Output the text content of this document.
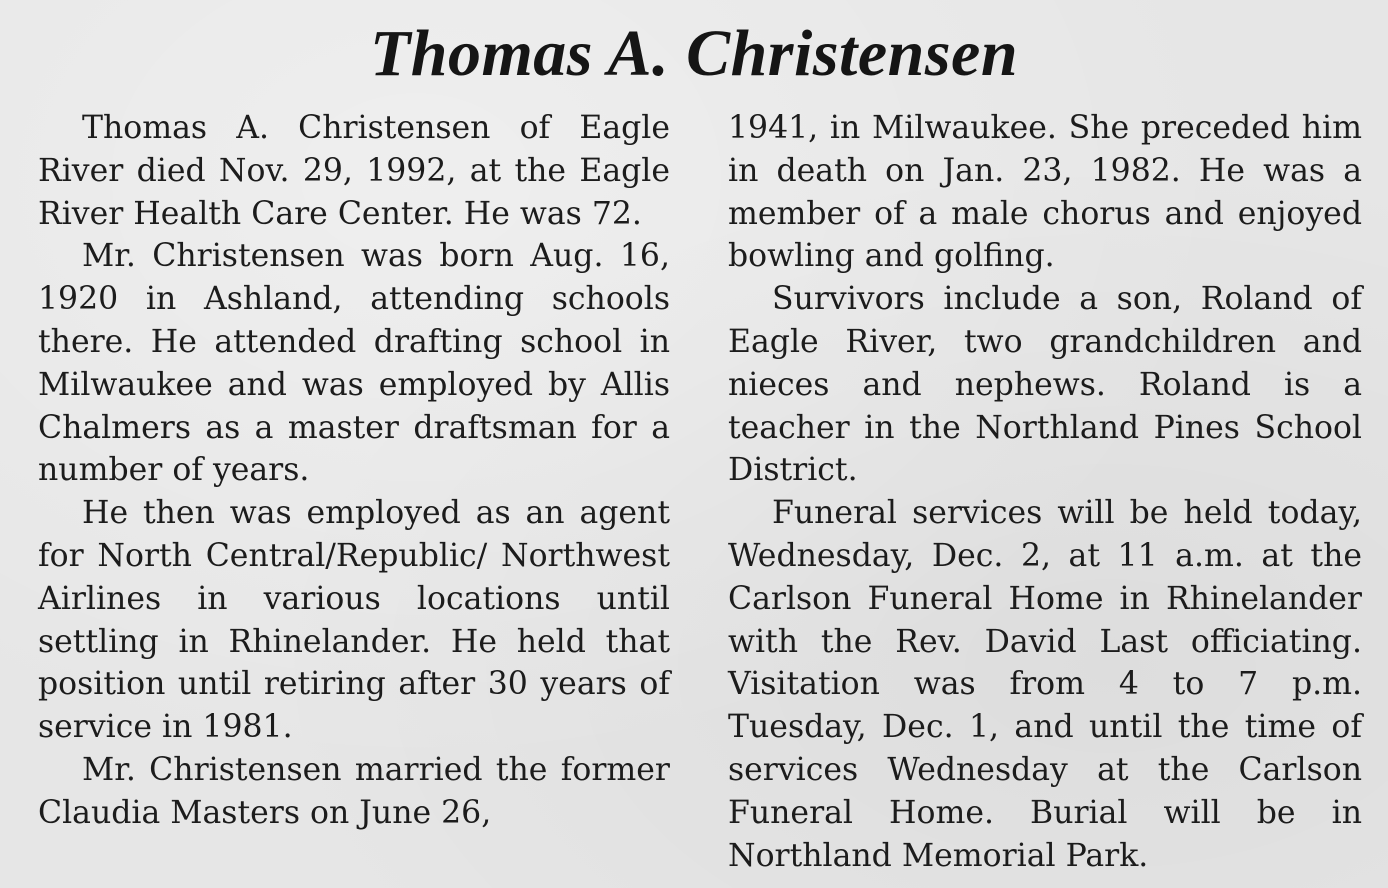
Thomas A. Christensen

Thomas A. Christensen of Eagle River died Nov. 29, 1992, at the Eagle River Health Care Center. He was 72.

Mr. Christensen was born Aug. 16, 1920 in Ashland, attending schools there. He attended drafting school in Milwaukee and was employed by Allis Chalmers as a master draftsman for a number of years.

He then was employed as an agent for North Central/Republic/ Northwest Airlines in various locations until settling in Rhinelander. He held that position until retiring after 30 years of service in 1981.

Mr. Christensen married the former Claudia Masters on June 26,

1941, in Milwaukee. She preceded him in death on Jan. 23, 1982. He was a member of a male chorus and enjoyed bowling and golfing.

Survivors include a son, Roland of Eagle River, two grandchildren and nieces and nephews. Roland is a teacher in the Northland Pines School District.

Funeral services will be held today, Wednesday, Dec. 2, at 11 a.m. at the Carlson Funeral Home in Rhinelander with the Rev. David Last officiating. Visitation was from 4 to 7 p.m. Tuesday, Dec. 1, and until the time of services Wednesday at the Carlson Funeral Home. Burial will be in Northland Memorial Park.
